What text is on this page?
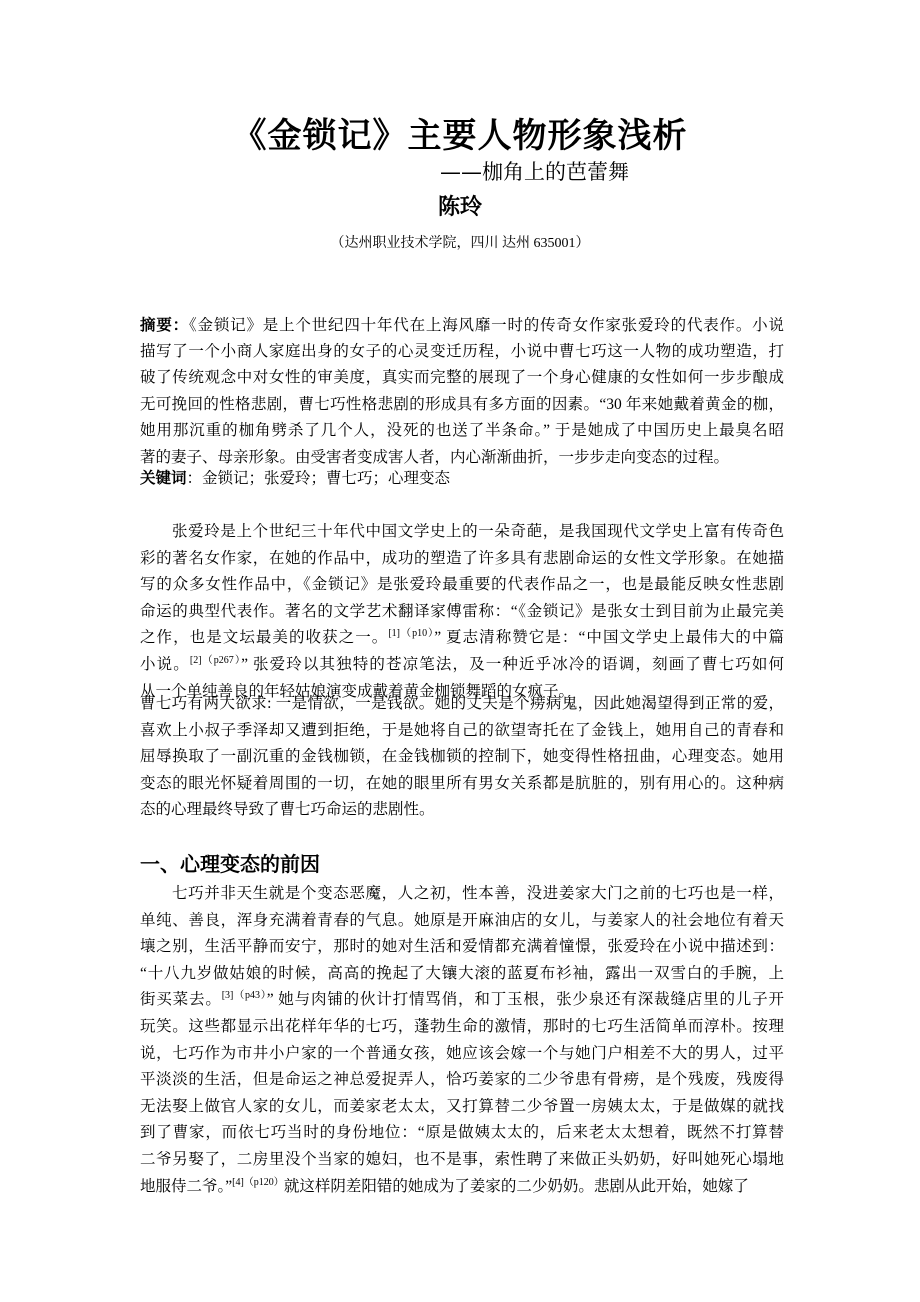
《金锁记》主要人物形象浅析
——枷角上的芭蕾舞
陈玲
（达州职业技术学院，四川 达州 635001）
摘要：《金锁记》是上个世纪四十年代在上海风靡一时的传奇女作家张爱玲的代表作。小说
描写了一个小商人家庭出身的女子的心灵变迁历程，小说中曹七巧这一人物的成功塑造，打
破了传统观念中对女性的审美度，真实而完整的展现了一个身心健康的女性如何一步步酿成
无可挽回的性格悲剧，曹七巧性格悲剧的形成具有多方面的因素。“30 年来她戴着黄金的枷，
她用那沉重的枷角劈杀了几个人，没死的也送了半条命。” 于是她成了中国历史上最臭名昭
著的妻子、母亲形象。由受害者变成害人者，内心渐渐曲折，一步步走向变态的过程。
关键词：金锁记；张爱玲；曹七巧；心理变态
张爱玲是上个世纪三十年代中国文学史上的一朵奇葩，是我国现代文学史上富有传奇色
彩的著名女作家，在她的作品中，成功的塑造了许多具有悲剧命运的女性文学形象。在她描
写的众多女性作品中，《金锁记》是张爱玲最重要的代表作品之一，也是最能反映女性悲剧
命运的典型代表作。著名的文学艺术翻译家傅雷称：“《金锁记》是张女士到目前为止最完美
之作，也是文坛最美的收获之一。$^{[1](p10)}$” 夏志清称赞它是：“中国文学史上最伟大的中篇
小说。$^{[2](p267)}$” 张爱玲以其独特的苍凉笔法，及一种近乎冰冷的语调，刻画了曹七巧如何
从一个单纯善良的年轻姑娘演变成戴着黄金枷锁舞蹈的女疯子。
曹七巧有两大欲求: 一是情欲，一是钱欲。她的丈夫是个痨病鬼，因此她渴望得到正常的爱，
喜欢上小叔子季泽却又遭到拒绝，于是她将自己的欲望寄托在了金钱上，她用自己的青春和
屈辱换取了一副沉重的金钱枷锁，在金钱枷锁的控制下，她变得性格扭曲，心理变态。她用
变态的眼光怀疑着周围的一切，在她的眼里所有男女关系都是肮脏的，别有用心的。这种病
态的心理最终导致了曹七巧命运的悲剧性。
一、心理变态的前因
七巧并非天生就是个变态恶魔，人之初，性本善，没进姜家大门之前的七巧也是一样，
单纯、善良，浑身充满着青春的气息。她原是开麻油店的女儿，与姜家人的社会地位有着天
壤之别，生活平静而安宁，那时的她对生活和爱情都充满着憧憬，张爱玲在小说中描述到：
“十八九岁做姑娘的时候，高高的挽起了大镶大滚的蓝夏布衫袖，露出一双雪白的手腕，上
街买菜去。$^{[3](p43)}$” 她与肉铺的伙计打情骂俏，和丁玉根，张少泉还有深裁缝店里的儿子开
玩笑。这些都显示出花样年华的七巧，蓬勃生命的激情，那时的七巧生活简单而淳朴。按理
说，七巧作为市井小户家的一个普通女孩，她应该会嫁一个与她门户相差不大的男人，过平
平淡淡的生活，但是命运之神总爱捉弄人，恰巧姜家的二少爷患有骨痨，是个残废，残废得
无法娶上做官人家的女儿，而姜家老太太，又打算替二少爷置一房姨太太，于是做媒的就找
到了曹家，而依七巧当时的身份地位：“原是做姨太太的，后来老太太想着，既然不打算替
二爷另娶了，二房里没个当家的媳妇，也不是事，索性聘了来做正头奶奶，好叫她死心塌地
地服侍二爷。”$^{[4](p120)}$就这样阴差阳错的她成为了姜家的二少奶奶。悲剧从此开始，她嫁了
